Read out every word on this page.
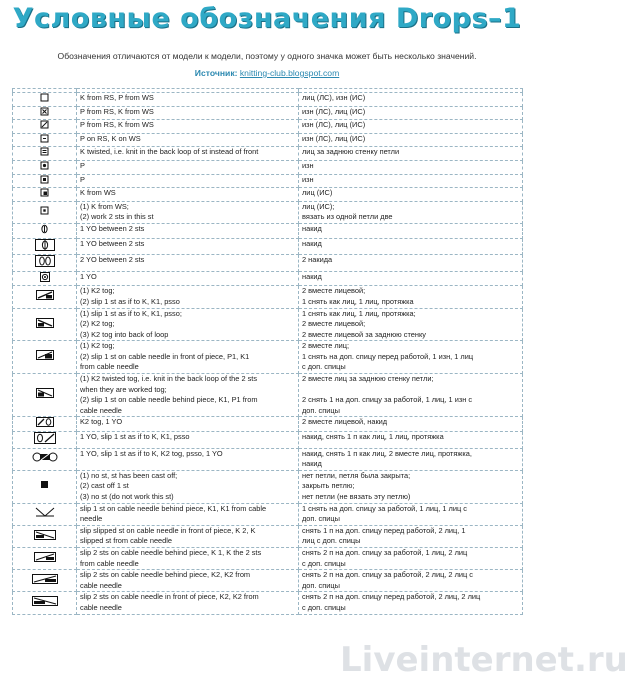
Условные обозначения Drops–1
Обозначения отличаются от модели к модели, поэтому у одного значка может быть несколько значений.
Источник: knitting-club.blogspot.com

K from RS, P from WS	лиц (ЛС), изн (ИС)

P from RS, K from WS	изн (ЛС), лиц (ИС)

P from RS, K from WS	изн (ЛС), лиц (ИС)

P on RS, K on WS	изн (ЛС), лиц (ИС)

K twisted, i.e. knit in the back loop of st instead of front	лиц за заднюю стенку петли

P	изн

P	изн

K from WS	лиц (ИС)

(1) K from WS;
(2) work 2 sts in this st	лиц (ИС);
вязать из одной петли две

1 YO between 2 sts	накид

1 YO between 2 sts	накид

2 YO between 2 sts	2 накида

1 YO	накид

(1) K2 tog;
(2) slip 1 st as if to K, K1, psso	2 вместе лицевой;
1 снять как лиц, 1 лиц, протяжка

(1) slip 1 st as if to K, K1, psso;
(2) K2 tog;
(3) K2 tog into back of loop	1 снять как лиц, 1 лиц, протяжка;
2 вместе лицевой;
2 вместе лицевой за заднюю стенку

(1) K2 tog;
(2) slip 1 st on cable needle in front of piece, P1, K1
from cable needle	2 вместе лиц;
1 снять на доп. спицу перед работой, 1 изн, 1 лиц
с доп. спицы

(1) K2 twisted tog, i.e. knit in the back loop of the 2 sts
when they are worked tog;
(2) slip 1 st on cable needle behind piece, K1, P1 from
cable needle	2 вместе лиц за заднюю стенку петли;

2 снять 1 на доп. спицу за работой, 1 лиц, 1 изн с
доп. спицы

K2 tog, 1 YO	2 вместе лицевой, накид

1 YO, slip 1 st as if to K, K1, psso	накид, снять 1 п как лиц, 1 лиц, протяжка

1 YO, slip 1 st as if to K, K2 tog, psso, 1 YO	накид, снять 1 п как лиц, 2 вместе лиц, протяжка,
накид

(1) no st, st has been cast off;
(2) cast off 1 st
(3) no st (do not work this st)	нет петли, петля была закрыта;
закрыть петлю;
нет петли (не вязать эту петлю)

slip 1 st on cable needle behind piece, K1, K1 from cable
needle	1 снять на доп. спицу за работой, 1 лиц, 1 лиц с
доп. спицы

slip slipped st on cable needle in front of piece, K 2, K
slipped st from cable needle	снять 1 п на доп. спицу перед работой, 2 лиц, 1
лиц с доп. спицы

slip 2 sts on cable needle behind piece, K 1, K the 2 sts
from cable needle	снять 2 п на доп. спицу за работой, 1 лиц, 2 лиц
с доп. спицы

slip 2 sts on cable needle behind piece, K2, K2 from
cable needle	снять 2 п на доп. спицу за работой, 2 лиц, 2 лиц с
доп. спицы

slip 2 sts on cable needle in front of piece, K2, K2 from
cable needle	снять 2 п на доп. спицу перед работой, 2 лиц, 2 лиц
с доп. спицы
Liveinternet.ru
